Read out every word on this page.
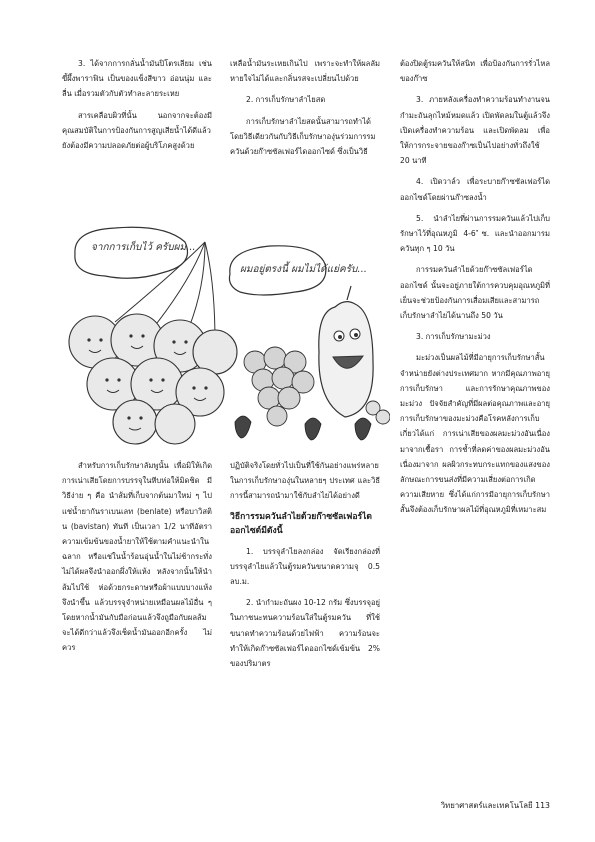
3. ได้จากการกลั่นน้ำมันปิโตรเลียม เช่น ขี้ผึ้งพาราฟิน เป็นของแข็งสีขาว อ่อนนุ่ม และลื่น เมื่อรวมตัวกับตัวทำละลายระเหย

สารเคลือบผิวที่นั้น นอกจากจะต้องมีคุณสมบัติในการป้องกันการสูญเสียน้ำได้ดีแล้ว ยังต้องมีความปลอดภัยต่อผู้บริโภคสูงด้วย

เหลือน้ำมันระเหยเกินไป เพราะจะทำให้ผลลัมหายใจไม่ได้และกลิ่นรสจะเปลี่ยนไปด้วย

2. การเก็บรักษาลำไยสด

การเก็บรักษาลำไยสดนั้นสามารถทำได้โดยวิธีเดียวกันกับวิธีเก็บรักษาองุ่นร่วมการรมควันด้วยก๊าซซัลเฟอร์ไดออกไซด์ ซึ่งเป็นวิธี

ต้องปิดตู้รมควันให้สนิท เพื่อป้องกันการรั่วไหลของก๊าซ

3. ภายหลังเครื่องทำความร้อนทำงานจนกำมะถันลุกไหม้หมดแล้ว เปิดพัดลมในตู้แล้วจึงเปิดเครื่องทำความร้อน และเปิดพัดลม เพื่อให้การกระจายของก๊าซเป็นไปอย่างทั่วถึงใช้ 20 นาที

4. เปิดวาล์ว เพื่อระบายก๊าซซัลเฟอร์ไดออกไซด์โดยผ่านก๊าซลงน้ำ

5. นำลำไยที่ผ่านการรมควันแล้วไปเก็บรักษาไว้ที่อุณหภูมิ 4-6 ํซ. และนำออกมารมควันทุก ๆ 10 วัน

การรมควันลำไยด้วยก๊าซซัลเฟอร์ไดออกไซด์ นั้นจะอยู่ภายใต้การควบคุมอุณหภูมิที่เย็นจะช่วยป้องกันการเสื่อมเสียและสามารถเก็บรักษาลำไยได้นานถึง 50 วัน

3. การเก็บรักษามะม่วง

มะม่วงเป็นผลไม้ที่มีอายุการเก็บรักษาสั้นจำหน่ายยังต่างประเทศมาก หากมีคุณภาพอายุการเก็บรักษา และการรักษาคุณภาพของมะม่วง ปัจจัยสำคัญที่มีผลต่อคุณภาพและอายุการเก็บรักษาของมะม่วงคือโรคหลังการเก็บเกี่ยวได้แก่ การเน่าเสียของผลมะม่วงอันเนื่องมาจากเชื้อรา การช้ำที่ลดค่าของผลมะม่วงอันเนื่องมาจาก ผลผิวกระทบกระแทกของแสงของลักษณะการขนส่งที่มีความเสี่ยงต่อการเกิดความเสียหาย ซึ่งได้แก่การมีอายุการเก็บรักษาสั้นจึงต้องเก็บรักษาผลไม้ที่อุณหภูมิที่เหมาะสม

จากการเก็บไว้ ครับผม...
ผมอยู่ตรงนี้ ผมไม่ได้แย่ครับ...

สำหรับการเก็บรักษาลัมพูนั้น เพื่อมิให้เกิดการเน่าเสียโดยการบรรจุในหีบห่อให้มิดชิด มีวิธีง่าย ๆ คือ นำส้มที่เก็บจากต้นมาใหม่ ๆ ไปแช่น้ำยากันราเบนเลท (benlate) หรือบาวิสติน (bavistan) ทันที เป็นเวลา 1/2 นาทีอัตราความเข้มข้นของน้ำยาให้ใช้ตามคำแนะนำในฉลาก หรือแช่ในน้ำร้อนอุ่นน้ำในไม่ช้ากระทั่งไม่ได้ผลจึงนำออกผึ่งให้แห้ง หลังจากนั้นให้นำส้มไปใช้ ห่อด้วยกระดาษหรือผ้าแบบบางแห้งจึงนำขึ้น แล้วบรรจุจำหน่ายเหมือนผลไม้อื่น ๆ โดยหากน้ำมันกับมือก่อนแล้วจึงถูมือกับผลส้มจะได้ดีกว่าแล้วจึงเช็ดน้ำมันออกอีกครั้ง ไม่ควร

ปฏิบัติจริงโดยทั่วไปเป็นที่ใช้กันอย่างแพร่หลายในการเก็บรักษาองุ่นในหลายๆ ประเทศ และวิธีการนี้สามารถนำมาใช้กับลำไยได้อย่างดี

วิธีการรมควันลำไยด้วยก๊าซซัลเฟอร์ไดออกไซด์มีดังนี้

1. บรรจุลำไยลงกล่อง จัดเรียงกล่องที่บรรจุลำไยแล้วในตู้รมควันขนาดความจุ 0.5 ลบ.ม.

2. นำกำมะถันผง 10-12 กรัม ซึ่งบรรจุอยู่ในภาชนะทนความร้อนใส่ในตู้รมควัน ที่ใช้ขนาดทำความร้อนด้วยไฟฟ้า ความร้อนจะทำให้เกิดก๊าซซัลเฟอร์ไดออกไซด์เข้มข้น 2% ของปริมาตร

วิทยาศาสตร์และเทคโนโลยี 113
